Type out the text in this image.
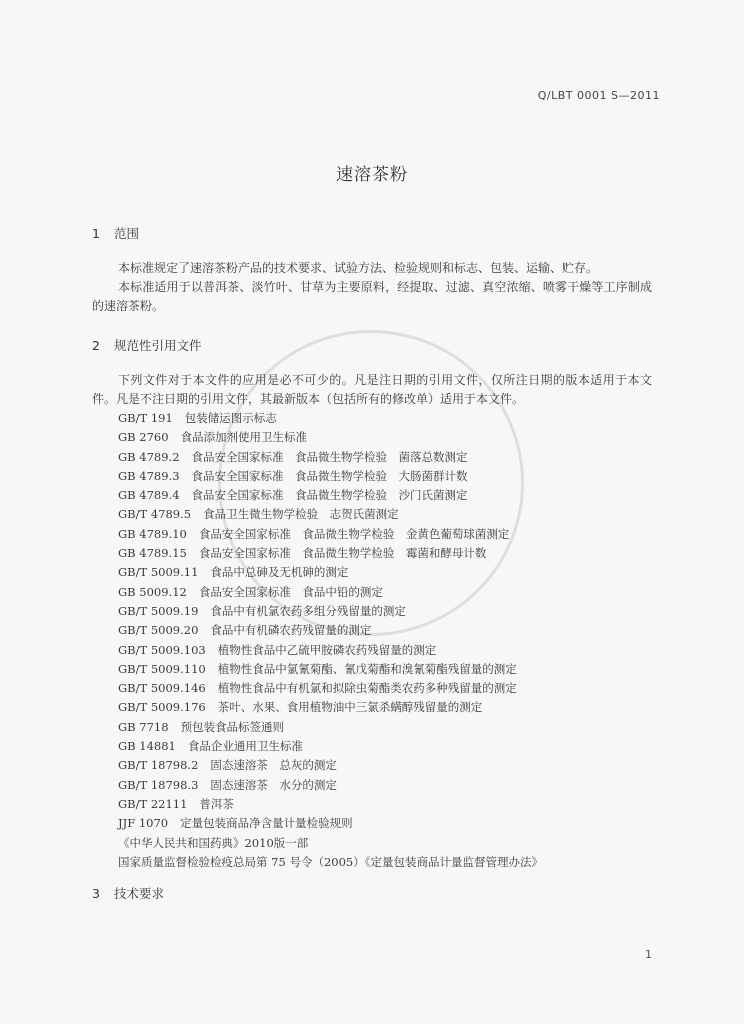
Q/LBT 0001 S—2011
速溶茶粉
1 范围
本标准规定了速溶茶粉产品的技术要求、试验方法、检验规则和标志、包装、运输、贮存。
本标准适用于以普洱茶、淡竹叶、甘草为主要原料，经提取、过滤、真空浓缩、喷雾干燥等工序制成的速溶茶粉。
2 规范性引用文件
下列文件对于本文件的应用是必不可少的。凡是注日期的引用文件，仅所注日期的版本适用于本文件。凡是不注日期的引用文件，其最新版本（包括所有的修改单）适用于本文件。
GB/T 191 包装储运图示标志
GB 2760 食品添加剂使用卫生标准
GB 4789.2 食品安全国家标准　食品微生物学检验　菌落总数测定
GB 4789.3 食品安全国家标准　食品微生物学检验　大肠菌群计数
GB 4789.4 食品安全国家标准　食品微生物学检验　沙门氏菌测定
GB/T 4789.5 食品卫生微生物学检验　志贺氏菌测定
GB 4789.10 食品安全国家标准　食品微生物学检验　金黄色葡萄球菌测定
GB 4789.15 食品安全国家标准　食品微生物学检验　霉菌和酵母计数
GB/T 5009.11 食品中总砷及无机砷的测定
GB 5009.12 食品安全国家标准　食品中铅的测定
GB/T 5009.19 食品中有机氯农药多组分残留量的测定
GB/T 5009.20 食品中有机磷农药残留量的测定
GB/T 5009.103 植物性食品中乙硫甲胺磷农药残留量的测定
GB/T 5009.110 植物性食品中氯氰菊酯、氰戊菊酯和溴氰菊酯残留量的测定
GB/T 5009.146 植物性食品中有机氯和拟除虫菊酯类农药多种残留量的测定
GB/T 5009.176 茶叶、水果、食用植物油中三氯杀螨醇残留量的测定
GB 7718 预包装食品标签通则
GB 14881 食品企业通用卫生标准
GB/T 18798.2 固态速溶茶　总灰的测定
GB/T 18798.3 固态速溶茶　水分的测定
GB/T 22111 普洱茶
JJF 1070 定量包装商品净含量计量检验规则
《中华人民共和国药典》2010版一部
国家质量监督检验检疫总局第 75 号令（2005）《定量包装商品计量监督管理办法》
3 技术要求
1
